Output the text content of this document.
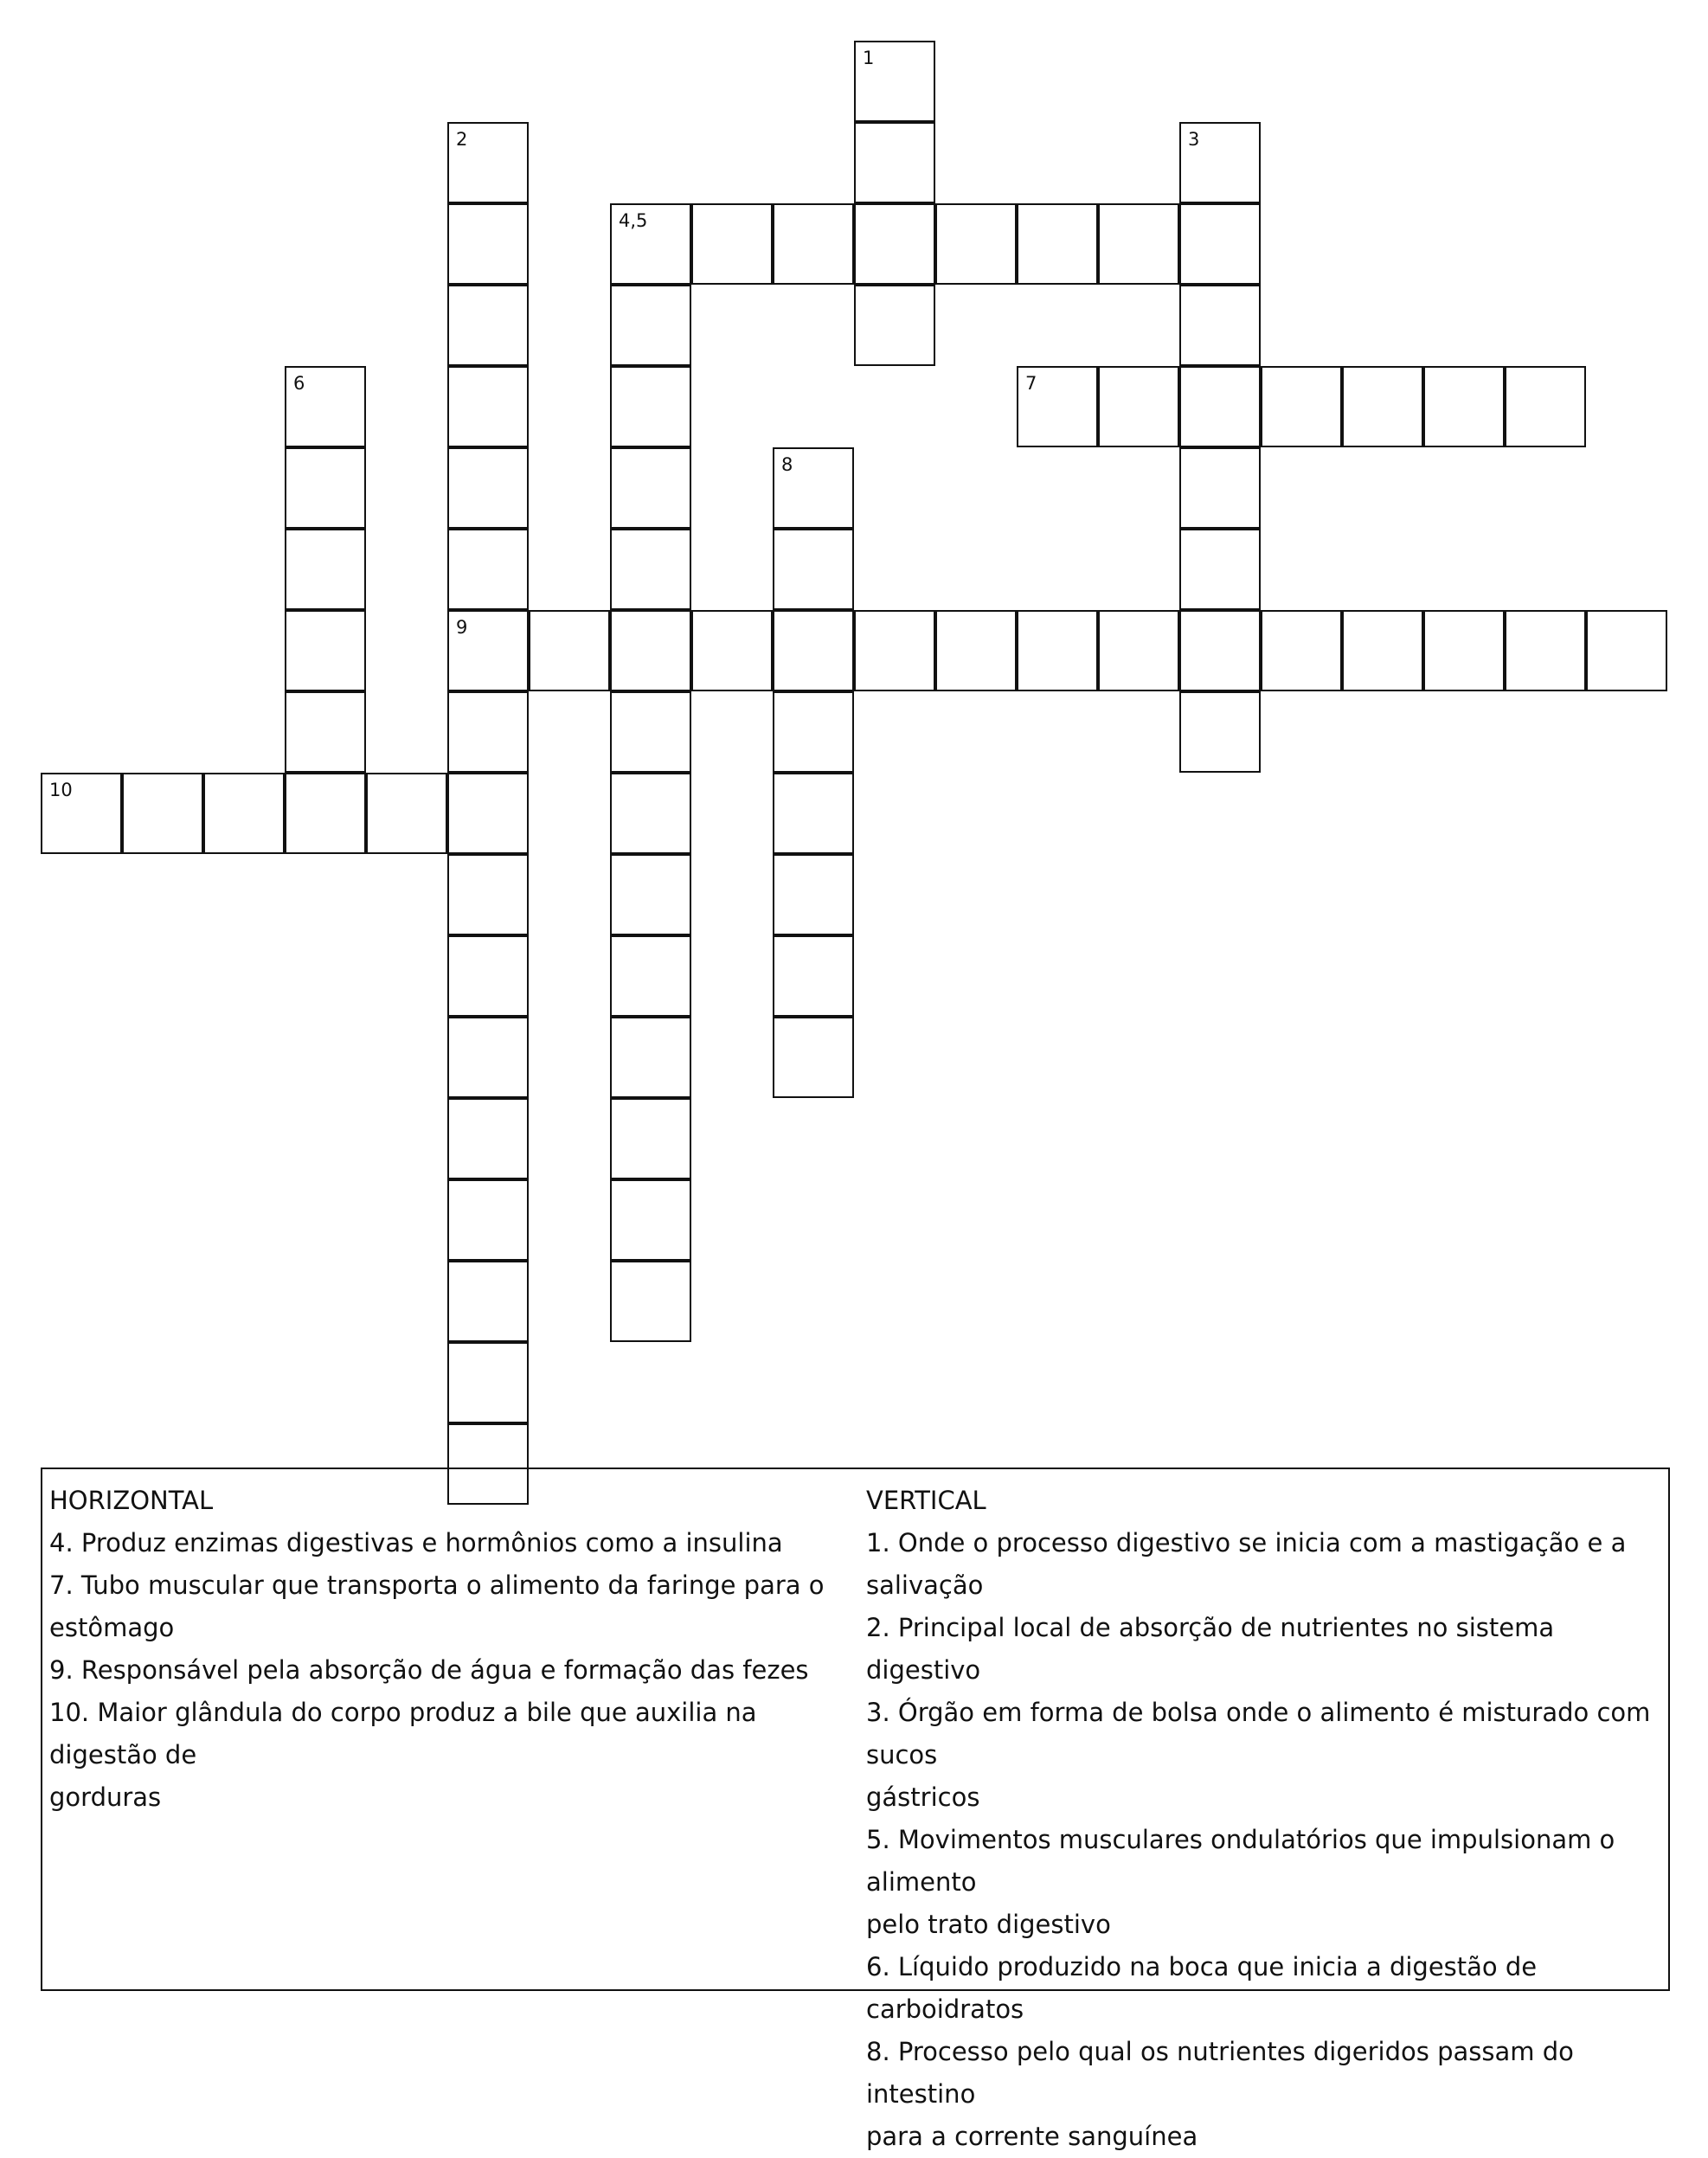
1
2	3
4,5
6	7
8
9
10
HORIZONTAL
4. Produz enzimas digestivas e hormônios como a insulina
7. Tubo muscular que transporta o alimento da faringe para o
estômago
9. Responsável pela absorção de água e formação das fezes
10. Maior glândula do corpo produz a bile que auxilia na digestão de
gorduras
VERTICAL
1. Onde o processo digestivo se inicia com a mastigação e a
salivação
2. Principal local de absorção de nutrientes no sistema digestivo
3. Órgão em forma de bolsa onde o alimento é misturado com sucos
gástricos
5. Movimentos musculares ondulatórios que impulsionam o alimento
pelo trato digestivo
6. Líquido produzido na boca que inicia a digestão de carboidratos
8. Processo pelo qual os nutrientes digeridos passam do intestino
para a corrente sanguínea
